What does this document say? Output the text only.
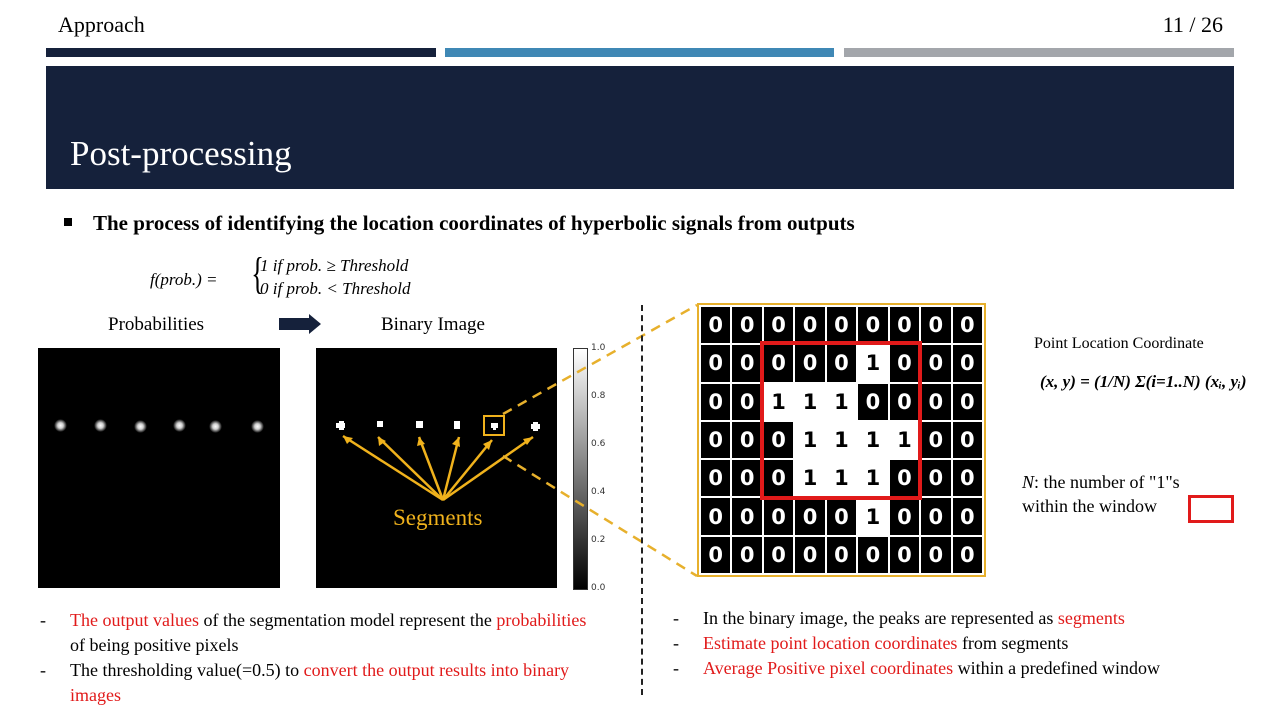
Approach	11 / 26
Post-processing
The process of identifying the location coordinates of hyperbolic signals from outputs
f(prob.) = {
1 if prob. ≥ Threshold
0 if prob. < Threshold
Probabilities	Binary Image
1.0
0.8
0.6
0.4
0.2
0.0
Segments
0 0 0 0 0 0 0 0 0
0 0 0 0 0 1 0 0 0
0 0 1 1 1 0 0 0 0
0 0 0 1 1 1 1 0 0
0 0 0 1 1 1 0 0 0
0 0 0 0 0 1 0 0 0
0 0 0 0 0 0 0 0 0
Point Location Coordinate
(x, y) = (1/N) Σ(i=1..N) (xᵢ, yᵢ)
N: the number of "1"s
within the window
- The output values of the segmentation model represent the probabilities of being positive pixels
- The thresholding value(=0.5) to convert the output results into binary images
- In the binary image, the peaks are represented as segments
- Estimate point location coordinates from segments
- Average Positive pixel coordinates within a predefined window
